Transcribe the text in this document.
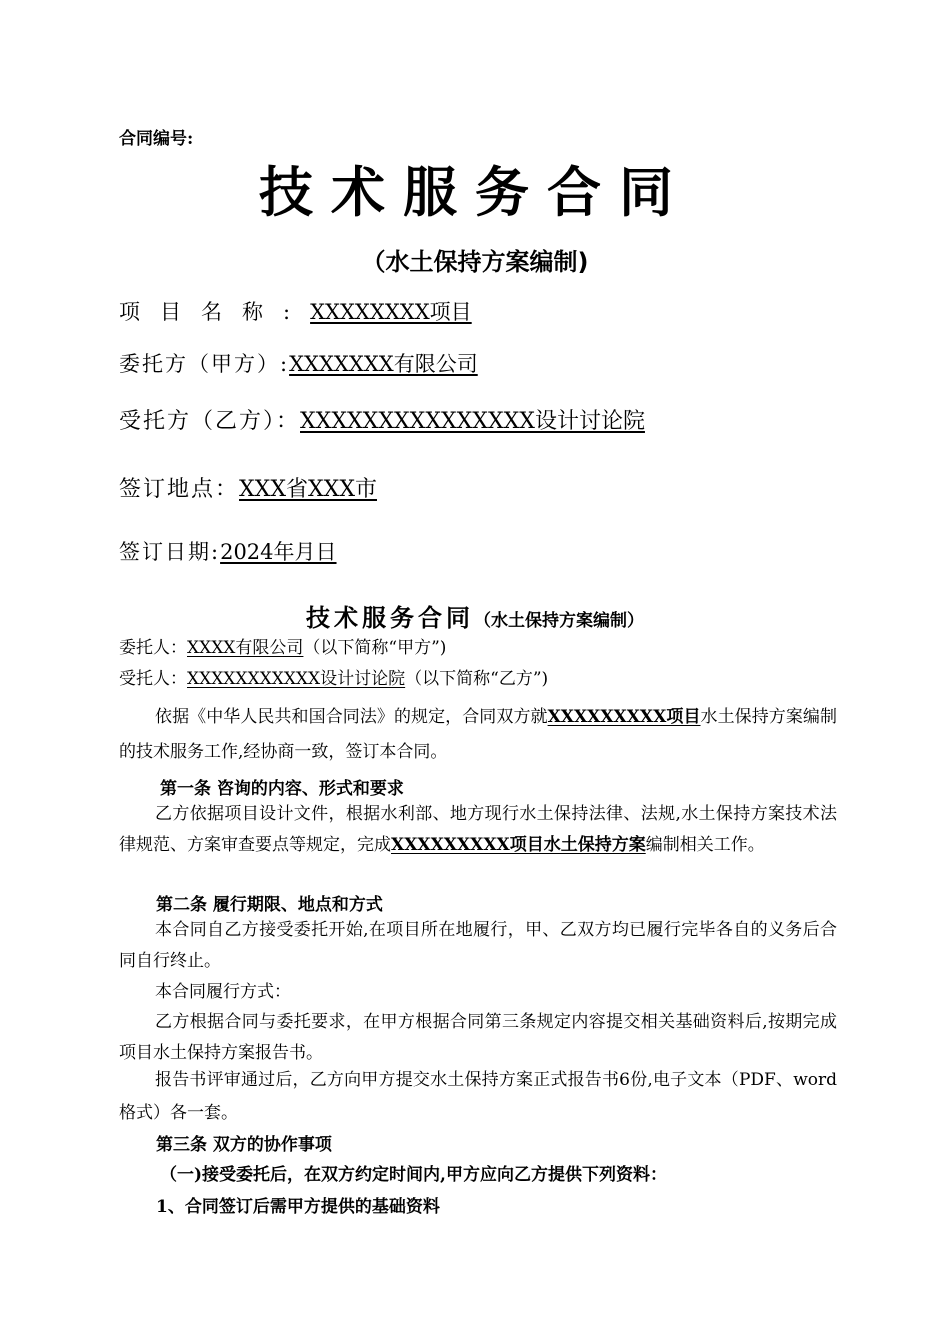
合同编号:
技术服务合同
（水土保持方案编制)
项目名称:XXXXXXXX项目
委托方（甲方）:XXXXXXX有限公司
受托方（乙方）：XXXXXXXXXXXXXXX设计讨论院
签订地点：XXX省XXX市
签订日期:2024年月日
技术服务合同（水土保持方案编制）
委托人：XXXX有限公司（以下简称“甲方”)
受托人：XXXXXXXXXXX设计讨论院（以下简称“乙方”)
依据《中华人民共和国合同法》的规定，合同双方就XXXXXXXXX项目水土保持方案编制的技术服务工作,经协商一致，签订本合同。
第一条 咨询的内容、形式和要求
乙方依据项目设计文件，根据水利部、地方现行水土保持法律、法规,水土保持方案技术法律规范、方案审查要点等规定，完成XXXXXXXXX项目水土保持方案编制相关工作。
第二条 履行期限、地点和方式
本合同自乙方接受委托开始,在项目所在地履行，甲、乙双方均已履行完毕各自的义务后合同自行终止。
本合同履行方式：
乙方根据合同与委托要求，在甲方根据合同第三条规定内容提交相关基础资料后,按期完成项目水土保持方案报告书。
报告书评审通过后，乙方向甲方提交水土保持方案正式报告书6份,电子文本（PDF、word格式）各一套。
第三条 双方的协作事项
（一)接受委托后，在双方约定时间内,甲方应向乙方提供下列资料：
1、合同签订后需甲方提供的基础资料
